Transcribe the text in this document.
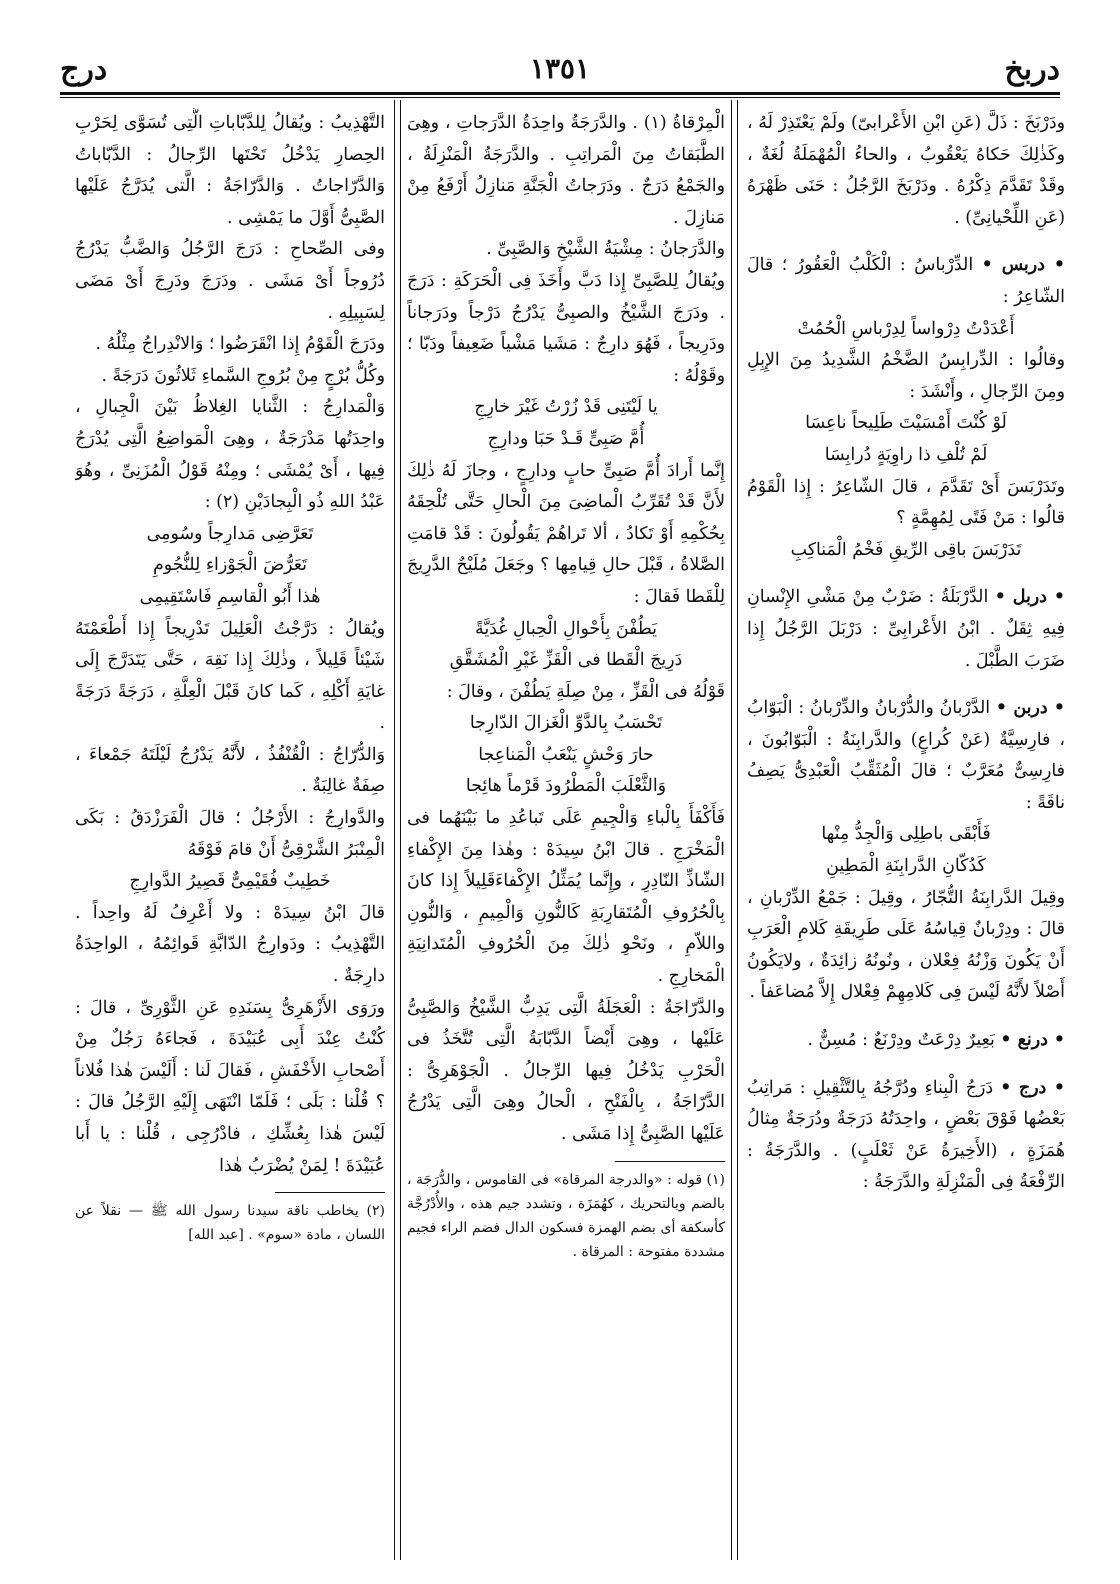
دربخ
١٣٥١
درج

ودَرْبَخَ : ذَلَّ (عَنِ ابْنِ الأَعْرابىّ) ولَمْ يَعْتَذِرْ لَهُ ، وكَذٰلِكَ حَكاهُ يَعْقُوبُ ، والحاءُ الْمُهْمَلَةُ لُغَةٌ ، وقَدْ تَقَدَّمَ ذِكْرُهُ . ودَرْبَخَ الرَّجُلُ : حَنَى ظَهْرَهُ (عَنِ اللِّحْيانِىِّ) .

• دربس • الدِّرْباسُ : الْكَلْبُ الْعَقُورُ ؛ قالَ الشّاعِرُ :

أَعْدَدْتُ دِرْواساً لِدِرْباسِ الْحُمُتْ

وقالُوا : الدِّرابِسُ الضَّخْمُ الشَّدِيدُ مِنَ الإِبِلِ ومِنَ الرِّجالِ ، وأَنْشَدَ :

لَوْ كُنْتَ أَمْسَيْتَ طَلِيحاً ناعِسَا

لَمْ تُلْفِ ذا راوِيَةٍ دُرابِسَا

وتَدَرْبَسَ أَىْ تَقَدَّمَ ، قالَ الشّاعِرُ : إِذا الْقَوْمُ قالُوا : مَنْ فَتًى لِمُهِمَّةٍ ؟

تَدَرْبَسَ باقِى الرِّيقِ فَخْمُ الْمَناكِبِ

• دربل • الدَّرْبَلَةُ : ضَرْبٌ مِنْ مَشْىِ الإِنْسانِ فِيهِ ثِقَلٌ . ابْنُ الأَعْرابِىِّ : دَرْبَلَ الرَّجُلُ إِذا ضَرَبَ الطَّبْلَ .

• دربن • الدَّرْبانُ والدُّرْبانُ والدِّرْبانُ : الْبَوّابُ ، فارِسِيَّةٌ (عَنْ كُراعٍ) والدَّرابِنَةُ : الْبَوّابُونَ ، فارِسِىٌّ مُعَرَّبٌ ؛ قالَ الْمُثَقِّبُ الْعَبْدِىُّ يَصِفُ ناقَةً :

فَأَبْقَى باطِلِى وَالْجِدُّ مِنْها

كَدُكّانِ الدَّرابِنَةِ الْمَطِينِ

وقِيلَ الدَّرابِنَةُ التُّجّارُ ، وقِيلَ : جَمْعُ الدِّرْبانِ ، قالَ : ودِرْبانٌ قِياسُهُ عَلَى طَرِيقَةِ كَلامِ الْعَرَبِ أَنْ يَكُونَ وَزْنُهُ فِعْلان ، ونُونُهُ زائِدَةٌ ، ولايَكُونُ أَصْلاً لأَنَّهُ لَيْسَ فِى كَلامِهِمْ فِعْلال إِلاَّ مُضاعَفاً .

• درنع • بَعِيرٌ دِرْعَتٌ ودِرْنَعٌ : مُسِنٌّ .

• درج • دَرَجُ الْبِناءِ ودُرَّجُهُ بِالتَّثْقِيلِ : مَراتِبُ بَعْضُها فَوْقَ بَعْضٍ ، واحِدَتُهُ دَرَجَةٌ ودُرَجَةٌ مِثالُ هُمَزَةٍ ، (الأَخِيرَةُ عَنْ ثَعْلَبٍ) . والدَّرَجَةُ : الرِّفْعَةُ فِى الْمَنْزِلَةِ والدَّرَجَةُ :

الْمِرْقاةُ (١) . والدَّرَجَةُ واحِدَةُ الدَّرَجاتِ ، وهِىَ الطَّبَقاتُ مِنَ الْمَراتِبِ . والدَّرَجَةُ الْمَنْزِلَةُ ، والجَمْعُ دَرَجٌ . ودَرَجاتُ الْجَنَّةِ مَنازِلُ أَرْفَعُ مِنْ مَنازِلَ .

والدَّرَجانُ : مِشْيَةُ الشَّيْخِ وَالصَّبِىِّ .

ويُقالُ لِلصَّبِىِّ إِذا دَبَّ وأَخَذَ فِى الْحَرَكَةِ : دَرَجَ . ودَرَجَ الشَّيْخُ والصبِىُّ يَدْرُجُ دَرْجاً ودَرَجاناً ودَرِيجاً ، فَهُوَ دارِجٌ : مَشَيا مَشْياً ضَعِيفاً ودَبّا ؛ وقَوْلُهُ :

يا لَيْتَنِى قَدْ زُرْتُ غَيْرَ خارِجِ

أُمَّ صَبِىٍّ قَـدْ حَبَا ودارِجِ

إِنَّما أَرادَ أُمَّ صَبِىٍّ حابٍ ودارِجٍ ، وجازَ لَهُ ذٰلِكَ لأَنَّ قَدْ تُقَرِّبُ الْماضِىَ مِنَ الْحالِ حَتَّى تُلْحِقَهُ بِحُكْمِهِ أَوْ تَكادُ ، ألا تَراهُمْ يَقُولُونَ : قَدْ قامَتِ الصَّلاةُ ، قَبْلَ حالِ قِيامِها ؟ وجَعَلَ مُلَيْحٌ الدَّرِيجَ لِلْقَطا فَقالَ :

يَطُفْنَ بِأَحْوالِ الْحِبالِ غُدَيَّةً

دَرِيجَ الْقَطا فى الْقَزِّ غَيْرِ الْمُشَقَّقِ

قَوْلُهُ فى الْقَزِّ ، مِنْ صِلَةِ يَطُفْنَ ، وقالَ :

تَحْسَبُ بِالدَّوِّ الْغَزالَ الدّارِجا

حارَ وَحْشٍ يَنْعَبُ الْمَناعِجا

وَالثَّعْلَبَ الْمَطْرُودَ قَرْماً هائِجا

فَأَكْفَأَ بِالْباءِ وَالْجِيمِ عَلَى تَباعُدِ ما بَيْنَهُما فى الْمَخْرَجِ . قالَ ابْنُ سِيدَهْ : وهٰذا مِنَ الإِكْفاءِ الشّاذِّ النّادِرِ ، وإِنَّما يُمَثِّلُ الإِكْفاءَقَلِيلاً إِذا كانَ بِالْحُرُوفِ الْمُتَقارِبَةِ كَالنُّونِ وَالْمِيمِ ، وَالنُّونِ واللاّمِ ، ونَحْوِ ذٰلِكَ مِنَ الْحُرُوفِ الْمُتَدانِيَةِ الْمَخارِجِ .

والدَّرّاجَةُ : الْعَجَلَةُ الَّتِى يَدِبُّ الشَّيْخُ وَالصَّبِىُّ عَلَيْها ، وهِىَ أَيْضاً الدَّبّابَةُ الَّتِى تُتَّخَذُ فى الْحَرْبِ يَدْخُلُ فِيها الرِّجالُ . الْجَوْهَرِىُّ : الدَّرّاجَةُ ، بِالْفَتْحِ ، الْحالُ وهِىَ الَّتِى يَدْرُجُ عَلَيْها الصَّبِىُّ إِذا مَشَى .

(١) قوله : «والدرجة المرقاة» فى القاموس ، والدُّرَجَة ، بالضم وبالتحريك ، كهُمَزَة ، وتشدد جيم هذه ، والأُدْرُجَّة كأسكفة أى بضم الهمزة فسكون الدال فضم الراء فجيم مشددة مفتوحة : المرقاة .

التَّهْذِيبُ : ويُقالُ لِلدَّبّاباتِ الَّتِى تُسَوَّى لِحَرْبِ الحِصارِ يَدْخُلُ تَحْتَها الرِّجالُ : الدَّبّاباتُ وَالدَّرّاجاتُ . وَالدَّرّاجَةُ : الَّتى يُدَرَّجُ عَلَيْها الصَّبِىُّ أَوَّلَ ما يَمْشِى .

وفى الصِّحاحِ : دَرَجَ الرَّجُلُ وَالضَّبُّ يَدْرُجُ دُرُوجاً أَىْ مَشَى . ودَرَجَ ودَرِجَ أَىْ مَضَى لِسَبِيلِهِ .

ودَرَجَ الْقَوْمُ إِذا انْقَرَضُوا ؛ وَالانْدِراجُ مِثْلُهُ .

وكُلُّ بُرْجٍ مِنْ بُرُوجِ السَّماءِ ثَلاثُونَ دَرَجَةً .

وَالْمَدارِجُ : الثَّنايا الغِلاظُ بَيْنَ الْجِبالِ ، واحِدَتُها مَدْرَجَةٌ ، وهِىَ الْمَواضِعُ الَّتِى يُدْرَجُ فِيها ، أَىْ يُمْشَى ؛ ومِنْهُ قَوْلُ الْمُزَنِىِّ ، وهُوَ عَبْدُ اللهِ ذُو الْبِجادَيْنِ (٢) :

تَعَرَّضِى مَدارِجاً وسُومِى

تَعَرُّضَ الْجَوْزاءِ لِلنُّجُومِ

هٰذا أَبُو الْقاسِمِ فَاسْتَقِيمِى

ويُقالُ : دَرَّجْتُ الْعَلِيلَ تَدْرِيجاً إِذا أَطْعَمْتَهُ شَيْئاً قَلِيلاً ، وذٰلِكَ إِذا نَقِهَ ، حَتَّى يَتَدَرَّجَ إِلَى غايَةِ أَكْلِهِ ، كَما كانَ قَبْلَ الْعِلَّةِ ، دَرَجَةً دَرَجَةً .

وَالدُّرّاجُ : الْقُنْفُذُ ، لأَنَّهُ يَدْرُجُ لَيْلَتَهُ جَمْعاءَ ، صِفَةٌ غالِبَةٌ .

والدَّوارِجُ : الأَرْجُلُ ؛ قالَ الْفَرَزْدَقُ : بَكَى الْمِنْبَرُ الشَّرْقِىُّ أَنْ قامَ فَوْقَهُ

خَطِيبٌ فُقَيْمِىٌّ قَصِيرُ الدَّوارِجِ

قالَ ابْنُ سِيدَهْ : ولا أَعْرِفُ لَهُ واحِداً . التَّهْذِيبُ : ودَوارِجُ الدّابَّةِ قَوائِمُهُ ، الواحِدَةُ دارِجَةٌ .

ورَوَى الأَزْهَرِىُّ بِسَنَدِهِ عَنِ الثَّوْرِىِّ ، قالَ : كُنْتُ عِنْدَ أَبِى عُبَيْدَةَ ، فَجاءَهُ رَجُلٌ مِنْ أَصْحابِ الأَخْفَشِ ، فَقالَ لَنا : أَلَيْسَ هٰذا فُلاناً ؟ قُلْنا : بَلَى ؛ فَلَمّا انْتَهَى إِلَيْهِ الرَّجُلُ قالَ : لَيْسَ هٰذا بِعُشِّكِ ، فادْرُجِى ، قُلْنا : يا أَبا عُبَيْدَةَ ! لِمَنْ يُضْرَبُ هٰذا

(٢) يخاطب ناقة سيدنا رسول الله ﷺ — نقلاً عن اللسان ، مادة «سوم» . [عبد الله]
